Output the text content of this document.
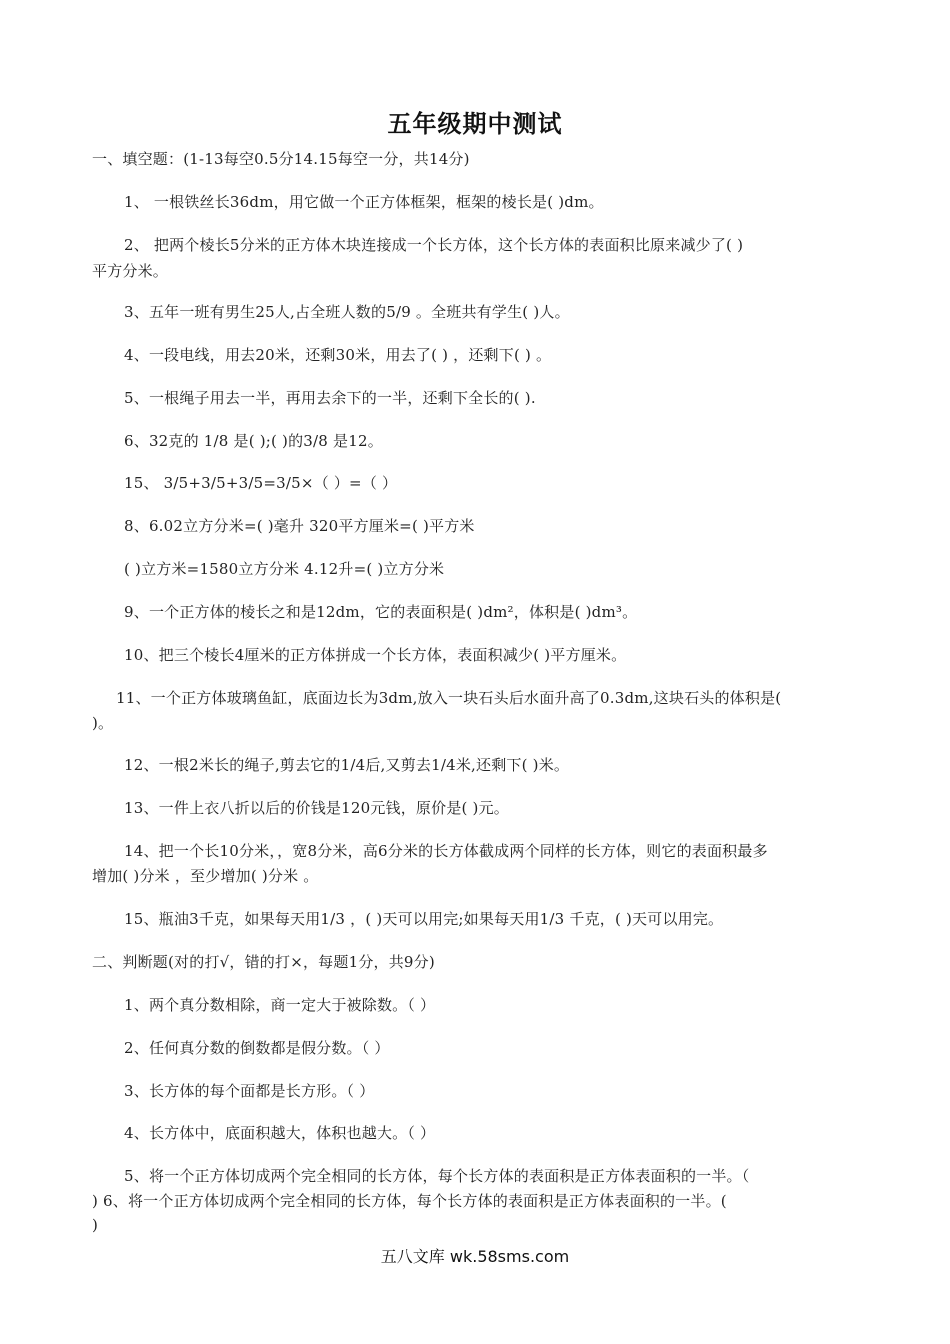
五年级期中测试
一、填空题：(1-13每空0.5分14.15每空一分，共14分)
1、 一根铁丝长36dm，用它做一个正方体框架，框架的棱长是( )dm。
2、 把两个棱长5分米的正方体木块连接成一个长方体，这个长方体的表面积比原来减少了( )
平方分米。
3、五年一班有男生25人,占全班人数的5/9 。全班共有学生( )人。
4、一段电线，用去20米，还剩30米，用去了( ) ，还剩下( ) 。
5、一根绳子用去一半，再用去余下的一半，还剩下全长的( ).
6、32克的 1/8 是( );( )的3/8 是12。
15、 3/5+3/5+3/5=3/5×（ ）=（ ）
8、6.02立方分米=( )毫升 320平方厘米=( )平方米
( )立方米=1580立方分米 4.12升=( )立方分米
9、一个正方体的棱长之和是12dm，它的表面积是( )dm²，体积是( )dm³。
10、把三个棱长4厘米的正方体拼成一个长方体，表面积减少( )平方厘米。
11、一个正方体玻璃鱼缸，底面边长为3dm,放入一块石头后水面升高了0.3dm,这块石头的体积是(
)。
12、一根2米长的绳子,剪去它的1/4后,又剪去1/4米,还剩下( )米。
13、一件上衣八折以后的价钱是120元钱，原价是( )元。
14、把一个长10分米，，宽8分米，高6分米的长方体截成两个同样的长方体，则它的表面积最多
增加( )分米 ，至少增加( )分米 。
15、瓶油3千克，如果每天用1/3 ，( )天可以用完;如果每天用1/3 千克，( )天可以用完。
二、判断题(对的打√，错的打×，每题1分，共9分)
1、两个真分数相除，商一定大于被除数。（ ）
2、任何真分数的倒数都是假分数。（ ）
3、长方体的每个面都是长方形。（ ）
4、长方体中，底面积越大，体积也越大。（ ）
5、将一个正方体切成两个完全相同的长方体，每个长方体的表面积是正方体表面积的一半。（
) 6、将一个正方体切成两个完全相同的长方体，每个长方体的表面积是正方体表面积的一半。(
)
五八文库 wk.58sms.com
